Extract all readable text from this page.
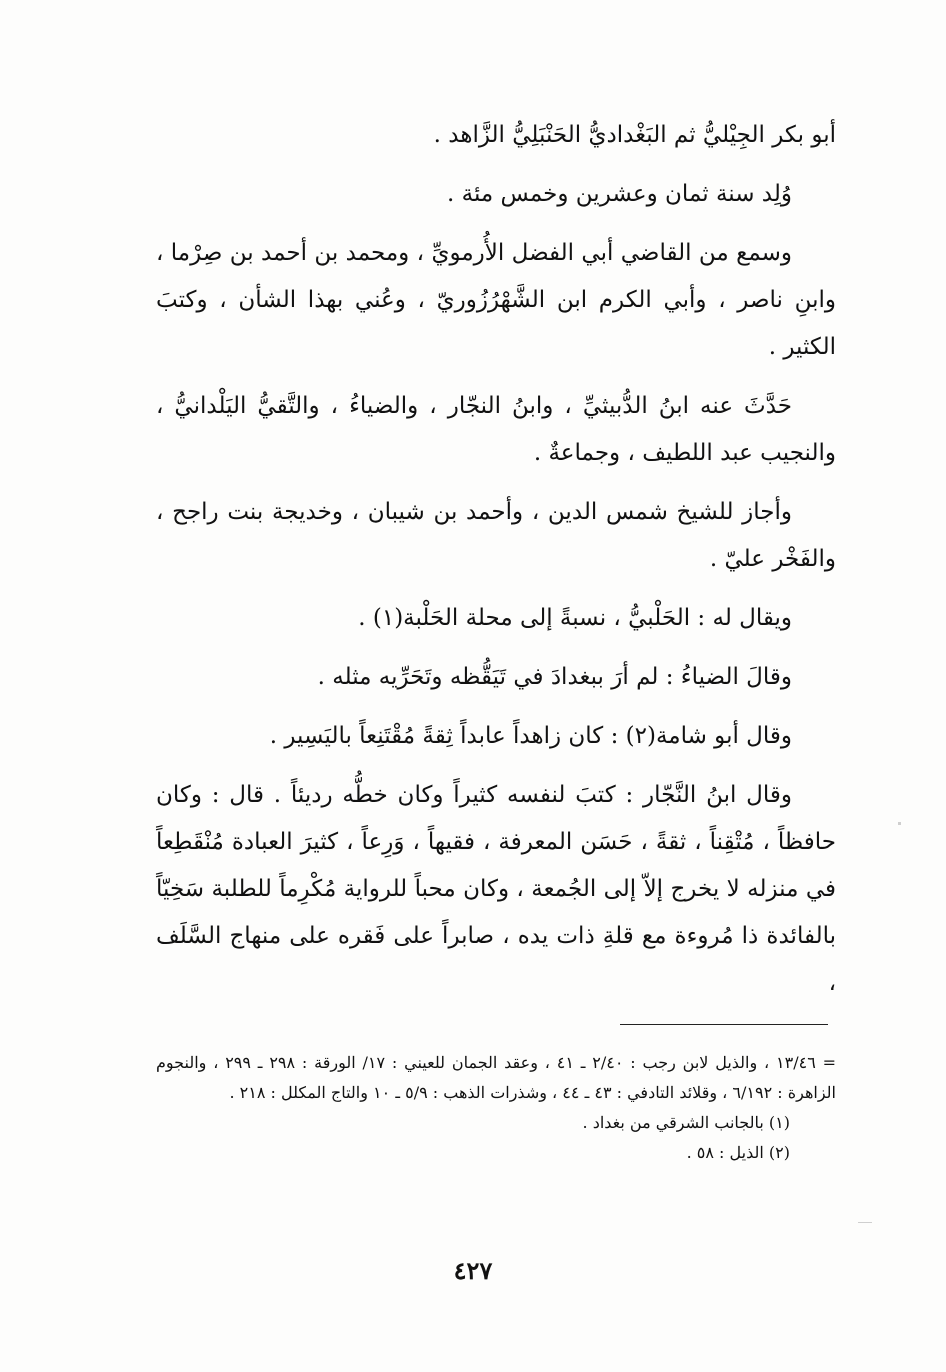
أبو بكر الجِيْليُّ ثم البَغْداديُّ الحَنْبَلِيُّ الزَّاهد .

وُلِد سنة ثمان وعشرين وخمس مئة .

وسمع من القاضي أبي الفضل الأُرمويِّ ، ومحمد بن أحمد بن صِرْما ، وابنِ ناصر ، وأبي الكرم ابن الشَّهْرُزُوريّ ، وعُني بهذا الشأن ، وكتبَ الكثير .

حَدَّثَ عنه ابنُ الدُّبيثيِّ ، وابنُ النجّار ، والضياءُ ، والتَّقيُّ اليَلْدانيُّ ، والنجيب عبد اللطيف ، وجماعةٌ .

وأجاز للشيخ شمس الدين ، وأحمد بن شيبان ، وخديجة بنت راجح ، والفَخْر عليّ .

ويقال له : الحَلْبيُّ ، نسبةً إلى محلة الحَلْبة(١) .

وقالَ الضياءُ : لم أرَ ببغدادَ في تَيَقُّظه وتَحَرِّيه مثله .

وقال أبو شامة(٢) : كان زاهداً عابداً ثِقةً مُقْتَنِعاً باليَسِير .

وقال ابنُ النَّجّار : كتبَ لنفسه كثيراً وكان خطُّه رديئاً . قال : وكان حافظاً ، مُتْقِناً ، ثقةً ، حَسَن المعرفة ، فقيهاً ، وَرِعاً ، كثيرَ العبادة مُنْقَطِعاً في منزله لا يخرج إلاّ إلى الجُمعة ، وكان محباً للرواية مُكْرِماً للطلبة سَخِيّاً بالفائدة ذا مُروءة مع قلةِ ذات يده ، صابراً على فَقره على منهاج السَّلَف ،

= ١٣/٤٦ ، والذيل لابن رجب : ٢/٤٠ ـ ٤١ ، وعقد الجمان للعيني : ١٧/ الورقة : ٢٩٨ ـ ٢٩٩ ، والنجوم الزاهرة : ٦/١٩٢ ، وقلائد التادفي : ٤٣ ـ ٤٤ ، وشذرات الذهب : ٥/٩ ـ ١٠ والتاج المكلل : ٢١٨ .

(١) بالجانب الشرقي من بغداد .

(٢) الذيل : ٥٨ .

٤٢٧
